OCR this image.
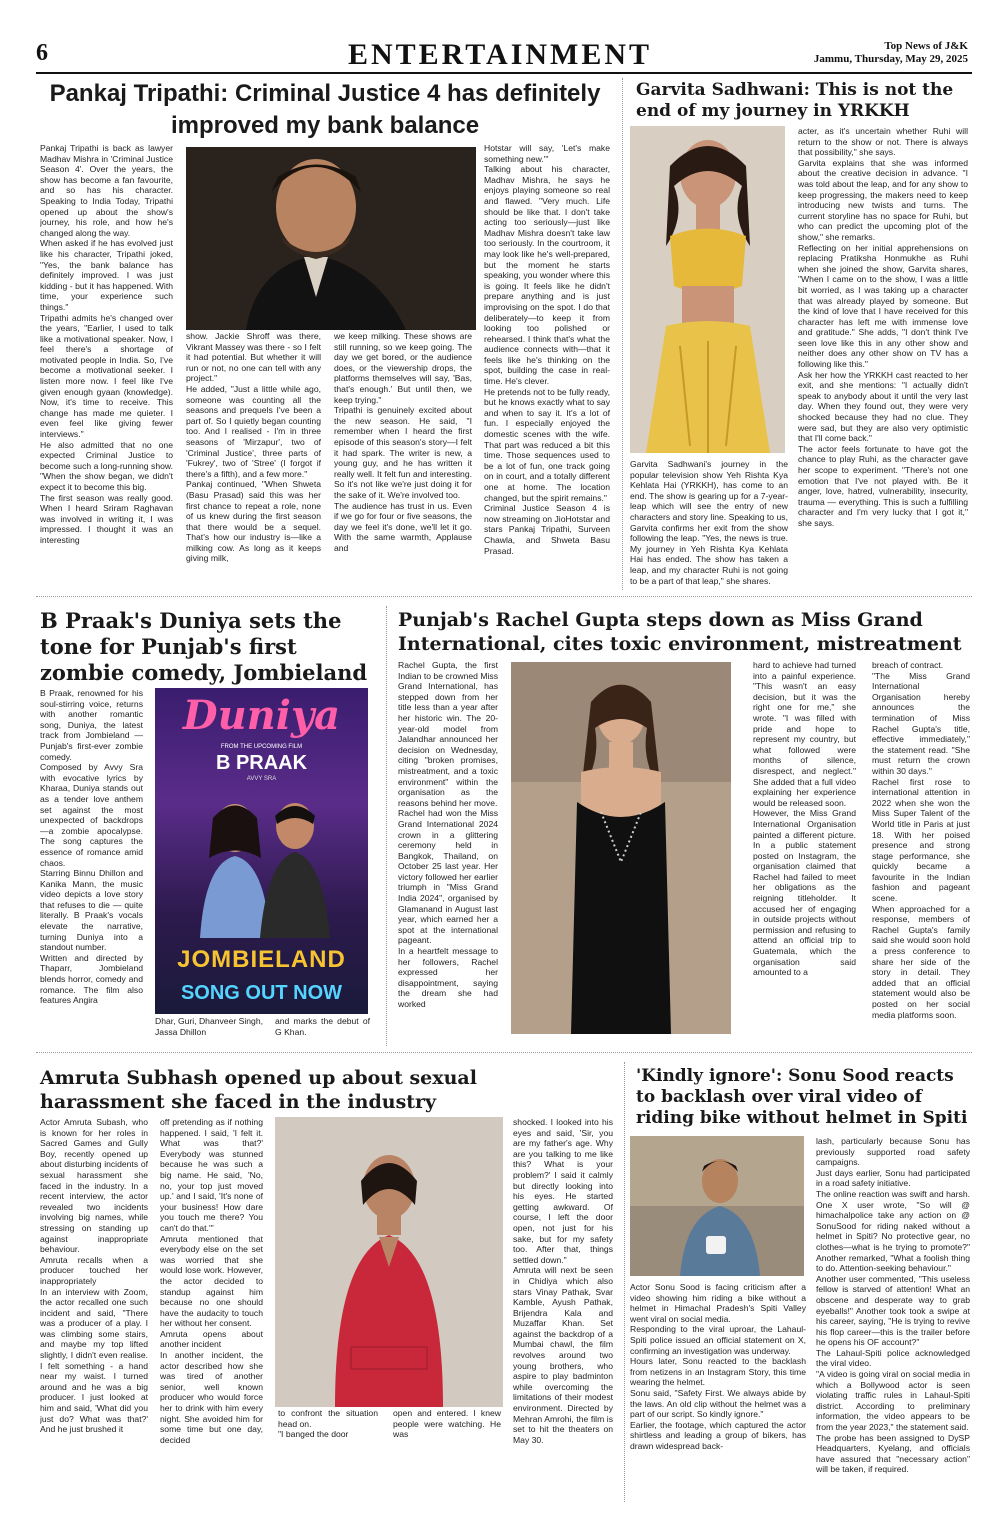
6	ENTERTAINMENT	Top News of J&K
Jammu, Thursday, May 29, 2025
Pankaj Tripathi: Criminal Justice 4 has definitely improved my bank balance
Pankaj Tripathi is back as lawyer Madhav Mishra in 'Criminal Justice Season 4'. Over the years, the show has become a fan favourite, and so has his character. Speaking to India Today, Tripathi opened up about the show's journey, his role, and how he's changed along the way.
When asked if he has evolved just like his character, Tripathi joked, "Yes, the bank balance has definitely improved. I was just kidding - but it has happened. With time, your experience such things."
Tripathi admits he's changed over the years, "Earlier, I used to talk like a motivational speaker. Now, I feel there's a shortage of motivated people in India. So, I've become a motivational seeker. I listen more now. I feel like I've given enough gyaan (knowledge). Now, it's time to receive. This change has made me quieter. I even feel like giving fewer interviews."
He also admitted that no one expected Criminal Justice to become such a long-running show. "When the show began, we didn't expect it to become this big.
The first season was really good. When I heard Sriram Raghavan was involved in writing it, I was impressed. I thought it was an interesting
show. Jackie Shroff was there, Vikrant Massey was there - so I felt it had potential. But whether it will run or not, no one can tell with any project."
He added, "Just a little while ago, someone was counting all the seasons and prequels I've been a part of. So I quietly began counting too. And I realised - I'm in three seasons of 'Mirzapur', two of 'Criminal Justice', three parts of 'Fukrey', two of 'Stree' (I forgot if there's a fifth), and a few more."
Pankaj continued, "When Shweta (Basu Prasad) said this was her first chance to repeat a role, none of us knew during the first season that there would be a sequel. That's how our industry is—like a milking cow. As long as it keeps giving milk,
we keep milking. These shows are still running, so we keep going. The day we get bored, or the audience does, or the viewership drops, the platforms themselves will say, 'Bas, that's enough.' But until then, we keep trying."
Tripathi is genuinely excited about the new season. He said, "I remember when I heard the first episode of this season's story—I felt it had spark. The writer is new, a young guy, and he has written it really well. It felt fun and interesting. So it's not like we're just doing it for the sake of it. We're involved too.
The audience has trust in us. Even if we go for four or five seasons, the day we feel it's done, we'll let it go. With the same warmth, Applause and
Hotstar will say, 'Let's make something new.'"
Talking about his character, Madhav Mishra, he says he enjoys playing someone so real and flawed. "Very much. Life should be like that. I don't take acting too seriously—just like Madhav Mishra doesn't take law too seriously. In the courtroom, it may look like he's well-prepared, but the moment he starts speaking, you wonder where this is going. It feels like he didn't prepare anything and is just improvising on the spot. I do that deliberately—to keep it from looking too polished or rehearsed. I think that's what the audience connects with—that it feels like he's thinking on the spot, building the case in real-time. He's clever.
He pretends not to be fully ready, but he knows exactly what to say and when to say it. It's a lot of fun. I especially enjoyed the domestic scenes with the wife. That part was reduced a bit this time. Those sequences used to be a lot of fun, one track going on in court, and a totally different one at home. The location changed, but the spirit remains."
Criminal Justice Season 4 is now streaming on JioHotstar and stars Pankaj Tripathi, Surveen Chawla, and Shweta Basu Prasad.
Garvita Sadhwani: This is not the end of my journey in YRKKH
Garvita Sadhwani's journey in the popular television show Yeh Rishta Kya Kehlata Hai (YRKKH), has come to an end. The show is gearing up for a 7-year-leap which will see the entry of new characters and story line. Speaking to us, Garvita confirms her exit from the show following the leap. "Yes, the news is true. My journey in Yeh Rishta Kya Kehlata Hai has ended. The show has taken a leap, and my character Ruhi is not going to be a part of that leap," she shares.

acter, as it's uncertain whether Ruhi will return to the show or not. There is always that possibility," she says.
Garvita explains that she was informed about the creative decision in advance. "I was told about the leap, and for any show to keep progressing, the makers need to keep introducing new twists and turns. The current storyline has no space for Ruhi, but who can predict the upcoming plot of the show," she remarks.
Reflecting on her initial apprehensions on replacing Pratiksha Honmukhe as Ruhi when she joined the show, Garvita shares, "When I came on to the show, I was a little bit worried, as I was taking up a character that was already played by someone. But the kind of love that I have received for this character has left me with immense love and gratitude." She adds, "I don't think I've seen love like this in any other show and neither does any other show on TV has a following like this."
Ask her how the YRKKH cast reacted to her exit, and she mentions: "I actually didn't speak to anybody about it until the very last day. When they found out, they were very shocked because they had no clue. They were sad, but they are also very optimistic that I'll come back."
The actor feels fortunate to have got the chance to play Ruhi, as the character gave her scope to experiment. "There's not one emotion that I've not played with. Be it anger, love, hatred, vulnerability, insecurity, trauma — everything. This is such a fulfilling character and I'm very lucky that I got it," she says.
B Praak's Duniya sets the tone for Punjab's first zombie comedy, Jombieland
B Praak, renowned for his soul-stirring voice, returns with another romantic song, Duniya, the latest track from Jombieland — Punjab's first-ever zombie comedy.
Composed by Avvy Sra with evocative lyrics by Kharaa, Duniya stands out as a tender love anthem set against the most unexpected of backdrops—a zombie apocalypse. The song captures the essence of romance amid chaos.
Starring Binnu Dhillon and Kanika Mann, the music video depicts a love story that refuses to die — quite literally. B Praak's vocals elevate the narrative, turning Duniya into a standout number.
Written and directed by Thaparr, Jombieland blends horror, comedy and romance. The film also features Angira
Duniya
FROM THE UPCOMING FILM
B PRAAK
AVVY SRA
JOMBIELAND
SONG OUT NOW
Dhar, Guri, Dhanveer Singh, Jassa Dhillon
and marks the debut of G Khan.
Punjab's Rachel Gupta steps down as Miss Grand International, cites toxic environment, mistreatment
Rachel Gupta, the first Indian to be crowned Miss Grand International, has stepped down from her title less than a year after her historic win. The 20-year-old model from Jalandhar announced her decision on Wednesday, citing "broken promises, mistreatment, and a toxic environment" within the organisation as the reasons behind her move.
Rachel had won the Miss Grand International 2024 crown in a glittering ceremony held in Bangkok, Thailand, on October 25 last year. Her victory followed her earlier triumph in "Miss Grand India 2024", organised by Glamanand in August last year, which earned her a spot at the international pageant.
In a heartfelt message to her followers, Rachel expressed her disappointment, saying the dream she had worked
hard to achieve had turned into a painful experience. "This wasn't an easy decision, but it was the right one for me," she wrote. "I was filled with pride and hope to represent my country, but what followed were months of silence, disrespect, and neglect." She added that a full video explaining her experience would be released soon.
However, the Miss Grand International Organisation painted a different picture. In a public statement posted on Instagram, the organisation claimed that Rachel had failed to meet her obligations as the reigning titleholder. It accused her of engaging in outside projects without permission and refusing to attend an official trip to Guatemala, which the organisation said amounted to a
breach of contract.
"The Miss Grand International Organisation hereby announces the termination of Miss Rachel Gupta's title, effective immediately," the statement read. "She must return the crown within 30 days."
Rachel first rose to international attention in 2022 when she won the Miss Super Talent of the World title in Paris at just 18. With her poised presence and strong stage performance, she quickly became a favourite in the Indian fashion and pageant scene.
When approached for a response, members of Rachel Gupta's family said she would soon hold a press conference to share her side of the story in detail. They added that an official statement would also be posted on her social media platforms soon.
Amruta Subhash opened up about sexual harassment she faced in the industry
Actor Amruta Subash, who is known for her roles in Sacred Games and Gully Boy, recently opened up about disturbing incidents of sexual harassment she faced in the industry. In a recent interview, the actor revealed two incidents involving big names, while stressing on standing up against inappropriate behaviour.
Amruta recalls when a producer touched her inappropriately
In an interview with Zoom, the actor recalled one such incident and said, "There was a producer of a play. I was climbing some stairs, and maybe my top lifted slightly, I didn't even realise. I felt something - a hand near my waist. I turned around and he was a big producer. I just looked at him and said, 'What did you just do? What was that?' And he just brushed it
off pretending as if nothing happened. I said, 'I felt it. What was that?' Everybody was stunned because he was such a big name. He said, 'No, no, your top just moved up.' and I said, 'It's none of your business! How dare you touch me there? You can't do that.'"
Amruta mentioned that everybody else on the set was worried that she would lose work. However, the actor decided to standup against him because no one should have the audacity to touch her without her consent.
Amruta opens about another incident
In another incident, the actor described how she was tired of another senior, well known producer who would force her to drink with him every night. She avoided him for some time but one day, decided
to confront the situation head on.
"I banged the door
open and entered. I knew people were watching. He was
shocked. I looked into his eyes and said, 'Sir, you are my father's age. Why are you talking to me like this? What is your problem?' I said it calmly but directly looking into his eyes. He started getting awkward. Of course, I left the door open, not just for his sake, but for my safety too. After that, things settled down."
Amruta will next be seen in Chidiya which also stars Vinay Pathak, Svar Kamble, Ayush Pathak, Brijendra Kala and Muzaffar Khan. Set against the backdrop of a Mumbai chawl, the film revolves around two young brothers, who aspire to play badminton while overcoming the limitations of their modest environment. Directed by Mehran Amrohi, the film is set to hit the theaters on May 30.
'Kindly ignore': Sonu Sood reacts to backlash over viral video of riding bike without helmet in Spiti
Actor Sonu Sood is facing criticism after a video showing him riding a bike without a helmet in Himachal Pradesh's Spiti Valley went viral on social media.
Responding to the viral uproar, the Lahaul-Spiti police issued an official statement on X, confirming an investigation was underway.
Hours later, Sonu reacted to the backlash from netizens in an Instagram Story, this time wearing the helmet.
Sonu said, "Safety First. We always abide by the laws. An old clip without the helmet was a part of our script. So kindly ignore."
Earlier, the footage, which captured the actor shirtless and leading a group of bikers, has drawn widespread back-
lash, particularly because Sonu has previously supported road safety campaigns.
Just days earlier, Sonu had participated in a road safety initiative.
The online reaction was swift and harsh. One X user wrote, "So will @ himachalpolice take any action on @ SonuSood for riding naked without a helmet in Spiti? No protective gear, no clothes—what is he trying to promote?" Another remarked, "What a foolish thing to do. Attention-seeking behaviour."
Another user commented, "This useless fellow is starved of attention! What an obscene and desperate way to grab eyeballs!" Another took took a swipe at his career, saying, "He is trying to revive his flop career—this is the trailer before he opens his OF account?"
The Lahaul-Spiti police acknowledged the viral video.
"A video is going viral on social media in which a Bollywood actor is seen violating traffic rules in Lahaul-Spiti district. According to preliminary information, the video appears to be from the year 2023," the statement said.
The probe has been assigned to DySP Headquarters, Kyelang, and officials have assured that "necessary action" will be taken, if required.
